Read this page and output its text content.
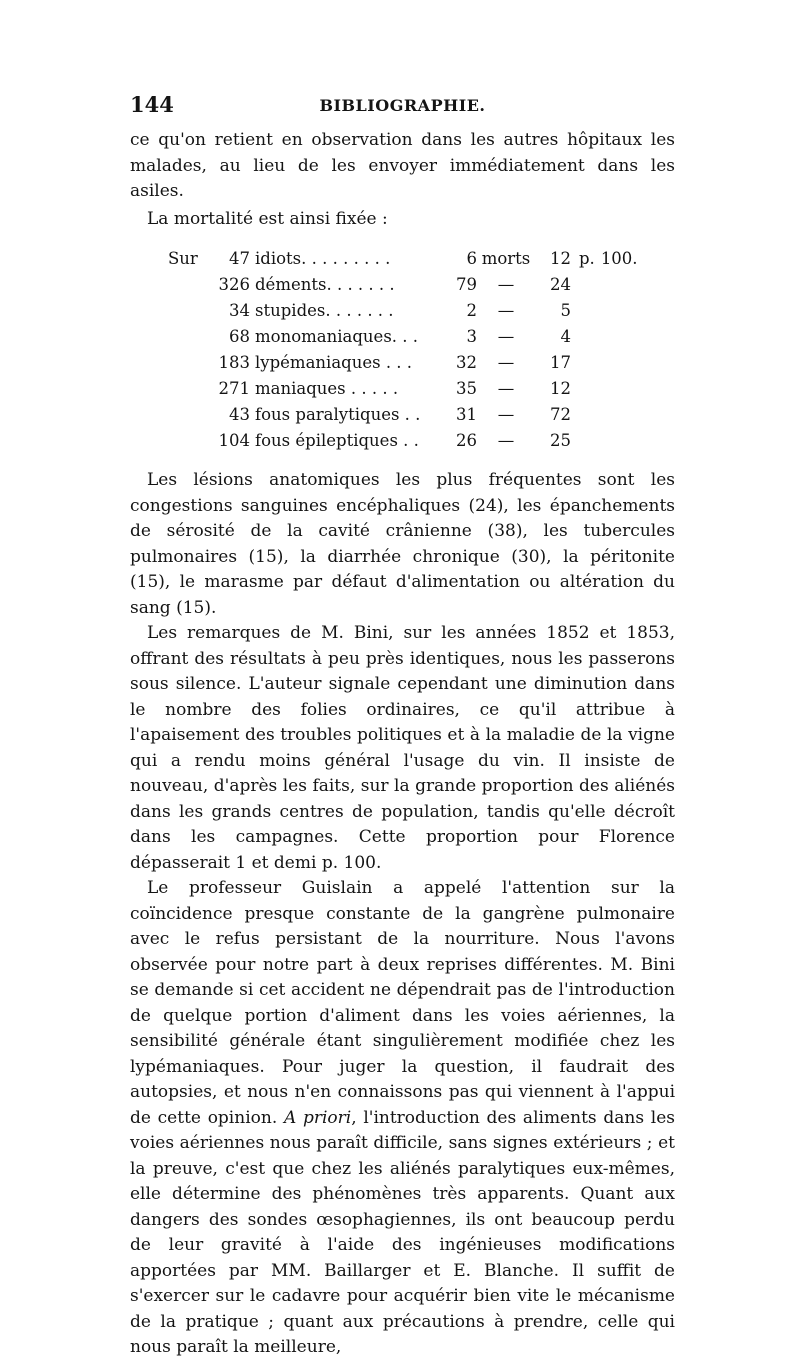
144	BIBLIOGRAPHIE.

ce qu'on retient en observation dans les autres hôpitaux les malades, au lieu de les envoyer immédiatement dans les asiles.

La mortalité est ainsi fixée :

Sur	47	idiots. . . . . . . . .	6	morts	12	p.	100.
	326	déments. . . . . . .	79	—	24		
	34	stupides. . . . . . .	2	—	5		
	68	monomaniaques. . .	3	—	4		
	183	lypémaniaques . . .	32	—	17		
	271	maniaques . . . . .	35	—	12		
	43	fous paralytiques . .	31	—	72		
	104	fous épileptiques . .	26	—	25		

Les lésions anatomiques les plus fréquentes sont les congestions sanguines encéphaliques (24), les épanchements de sérosité de la cavité crânienne (38), les tubercules pulmonaires (15), la diarrhée chronique (30), la péritonite (15), le marasme par défaut d'alimentation ou altération du sang (15).

Les remarques de M. Bini, sur les années 1852 et 1853, offrant des résultats à peu près identiques, nous les passerons sous silence. L'auteur signale cependant une diminution dans le nombre des folies ordinaires, ce qu'il attribue à l'apaisement des troubles politiques et à la maladie de la vigne qui a rendu moins général l'usage du vin. Il insiste de nouveau, d'après les faits, sur la grande proportion des aliénés dans les grands centres de population, tandis qu'elle décroît dans les campagnes. Cette proportion pour Florence dépasserait 1 et demi p. 100.

Le professeur Guislain a appelé l'attention sur la coïncidence presque constante de la gangrène pulmonaire avec le refus persistant de la nourriture. Nous l'avons observée pour notre part à deux reprises différentes. M. Bini se demande si cet accident ne dépendrait pas de l'introduction de quelque portion d'aliment dans les voies aériennes, la sensibilité générale étant singulièrement modifiée chez les lypémaniaques. Pour juger la question, il faudrait des autopsies, et nous n'en connaissons pas qui viennent à l'appui de cette opinion. A priori, l'introduction des aliments dans les voies aériennes nous paraît difficile, sans signes extérieurs ; et la preuve, c'est que chez les aliénés paralytiques eux-mêmes, elle détermine des phénomènes très apparents. Quant aux dangers des sondes œsophagiennes, ils ont beaucoup perdu de leur gravité à l'aide des ingénieuses modifications apportées par MM. Baillarger et E. Blanche. Il suffit de s'exercer sur le cadavre pour acquérir bien vite le mécanisme de la pratique ; quant aux précautions à prendre, celle qui nous paraît la meilleure,
